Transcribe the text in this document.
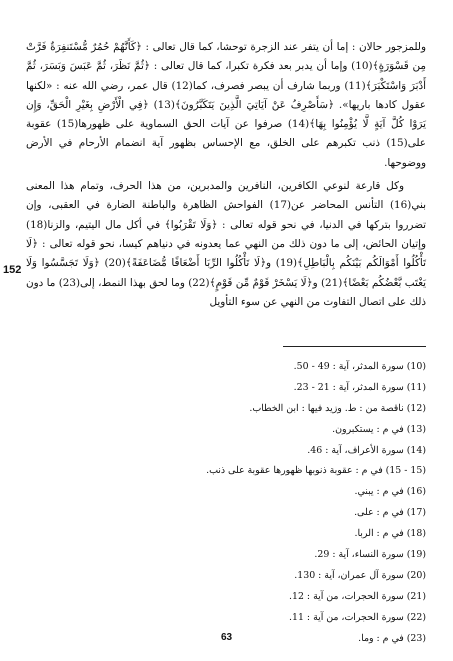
وللمزجور حالان : إما أن يتفر عند الزجرة توحشا، كما قال تعالى : ﴿كَأَنَّهُمْ حُمُرٌ مُّسْتَنفِرَةٌ فَرَّتْ مِن قَسْوَرَةٍ﴾(10) وإما أن يدبر بعد فكرة تكبرا، كما قال تعالى : ﴿ثُمَّ نَظَرَ، ثُمَّ عَبَسَ وَبَسَرَ، ثُمَّ أَدْبَرَ وَاسْتَكْبَرَ﴾(11) وربما شارف أن يبصر فصرف، كما(12) قال عمر، رضي الله عنه : «لكنها عقول كادها باريها». ﴿سَأَصْرِفُ عَنْ آيَاتِيَ الَّذِينَ يَتَكَبَّرُونَ﴾(13) ﴿فِي الْأَرْضِ بِغَيْرِ الْحَقِّ، وَإِن يَرَوْا كُلَّ آيَةٍ لَّا يُؤْمِنُوا بِهَا﴾(14) صرفوا عن آيات الحق السماوية على ظهورها(15) عقوبة على(15) ذنب تكبرهم على الخلق، مع الإحساس بظهور آية انضمام الأرحام في الأرض ووضوحها.

وكل قارعة لنوعي الكافرين، النافرين والمدبرين، من هذا الحرف، وتمام هذا المعنى بني(16) التأنس المحاضر عن(17) الفواحش الظاهرة والباطنة الضارة في العقبى، وإن تضرروا بتركها في الدنيا، في نحو قوله تعالى : ﴿وَلَا تَقْرَبُوا﴾ في أكل مال اليتيم، والزنا(18) وإتيان الحائض، إلى ما دون ذلك من النهي عما يعدونه في دنياهم كيسا، نحو قوله تعالى : ﴿لَا تَأْكُلُوا أَمْوَالَكُم بَيْنَكُم بِالْبَاطِلِ﴾(19) و﴿لَا تَأْكُلُوا الرِّبَا أَضْعَافًا مُّضَاعَفَةً﴾(20) ﴿وَلَا تَجَسَّسُوا وَلَا يَغْتَب بَّعْضُكُم بَعْضًا﴾(21) و﴿لَا يَسْخَرْ قَوْمٌ مِّن قَوْمٍ﴾(22) وما لحق بهذا النمط، إلى(23) ما دون ذلك على اتصال التفاوت من النهي عن سوء التأويل

152
(10) سورة المدثر، آية : 49 - 50.
(11) سورة المدثر، آية : 21 - 23.
(12) ناقصة من : ط. وزيد فيها : ابن الخطاب.
(13) في م : يستكبرون.
(14) سورة الأعراف، آية : 46.
(15 - 15) في م : عقوبة ذنوبها ظهورها عقوبة على ذنب.
(16) في م : يبني.
(17) في م : على.
(18) في م : الربا.
(19) سورة النساء، آية : 29.
(20) سورة آل عمران، آية : 130.
(21) سورة الحجرات، من آية : 12.
(22) سورة الحجرات، من آية : 11.
(23) في م : وما.
63
